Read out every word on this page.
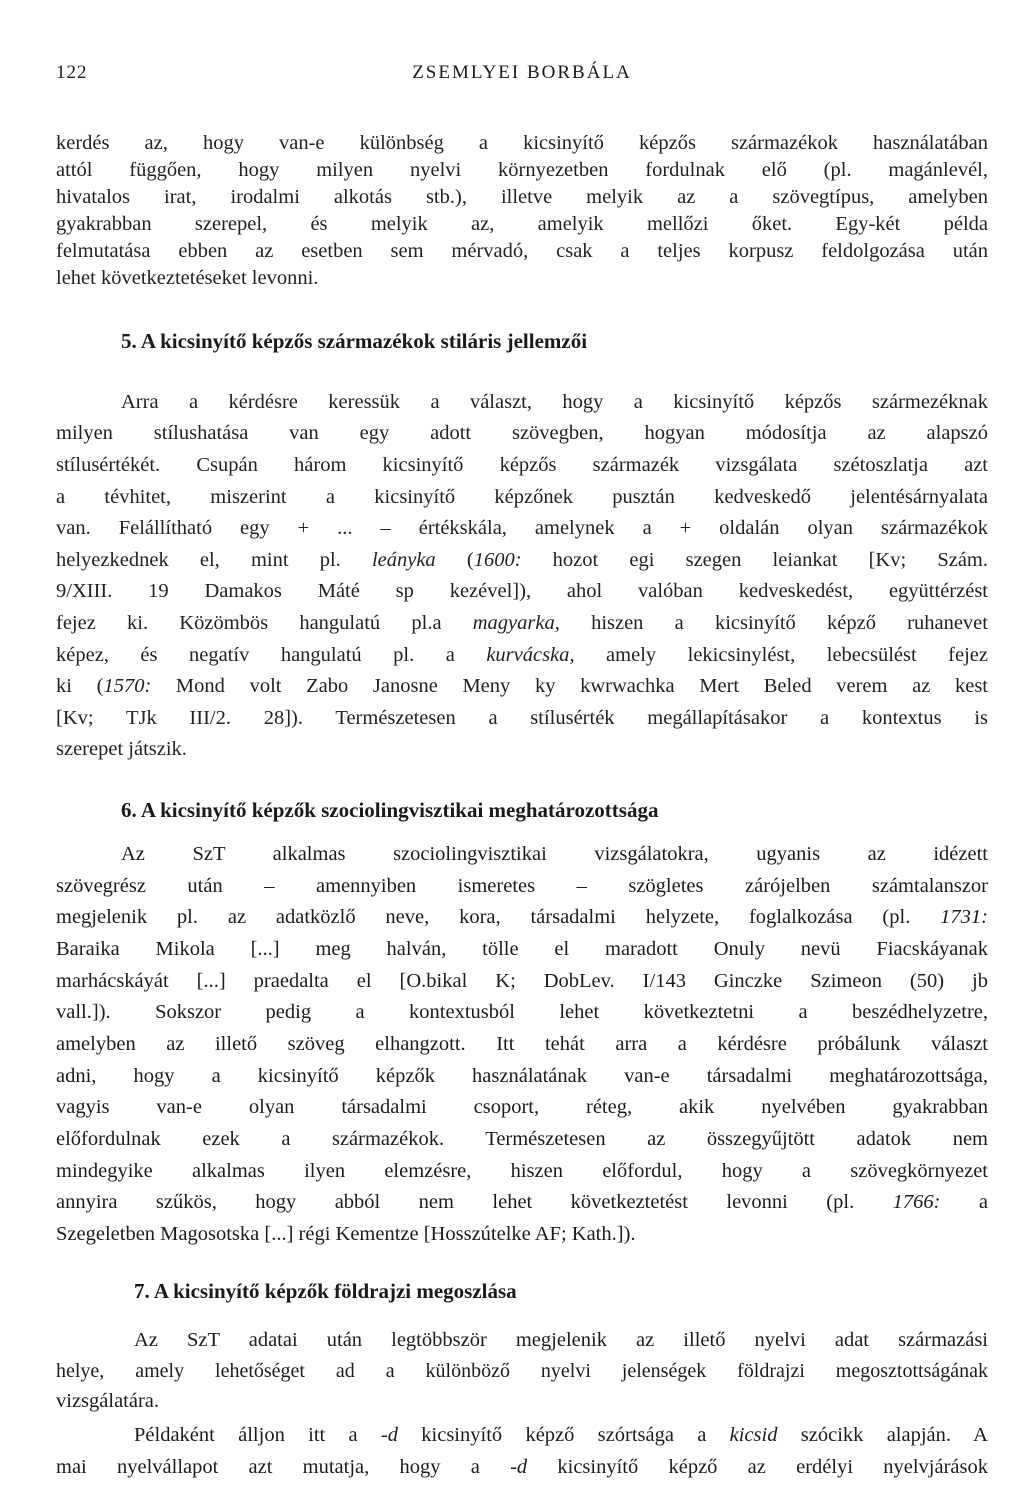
122	ZSEMLYEI BORBÁLA
kerdés az, hogy van-e különbség a kicsinyítő képzős származékok használatában
attól függően, hogy milyen nyelvi környezetben fordulnak elő (pl. magánlevél,
hivatalos irat, irodalmi alkotás stb.), illetve melyik az a szövegtípus, amelyben
gyakrabban szerepel, és melyik az, amelyik mellőzi őket. Egy-két példa
felmutatása ebben az esetben sem mérvadó, csak a teljes korpusz feldolgozása után
lehet következtetéseket levonni.
5. A kicsinyítő képzős származékok stiláris jellemzői
Arra a kérdésre keressük a választ, hogy a kicsinyítő képzős szármezéknak
milyen stílushatása van egy adott szövegben, hogyan módosítja az alapszó
stílusértékét. Csupán három kicsinyítő képzős származék vizsgálata szétoszlatja azt
a tévhitet, miszerint a kicsinyítő képzőnek pusztán kedveskedő jelentésárnyalata
van. Felállítható egy + ... – értékskála, amelynek a + oldalán olyan származékok
helyezkednek el, mint pl. leányka (1600: hozot egi szegen leiankat [Kv; Szám.
9/XIII. 19 Damakos Máté sp kezével]), ahol valóban kedveskedést, együttérzést
fejez ki. Közömbös hangulatú pl.a magyarka, hiszen a kicsinyítő képző ruhanevet
képez, és negatív hangulatú pl. a kurvácska, amely lekicsinylést, lebecsülést fejez
ki (1570: Mond volt Zabo Janosne Meny ky kwrwachka Mert Beled verem az kest
[Kv; TJk III/2. 28]). Természetesen a stílusérték megállapításakor a kontextus is
szerepet játszik.
6. A kicsinyítő képzők szociolingvisztikai meghatározottsága
Az SzT alkalmas szociolingvisztikai vizsgálatokra, ugyanis az idézett
szövegrész után – amennyiben ismeretes – szögletes zárójelben számtalanszor
megjelenik pl. az adatközlő neve, kora, társadalmi helyzete, foglalkozása (pl. 1731:
Baraika Mikola [...] meg halván, tölle el maradott Onuly nevü Fiacskáyanak
marhácskáyát [...] praedalta el [O.bikal K; DobLev. I/143 Ginczke Szimeon (50) jb
vall.]). Sokszor pedig a kontextusból lehet következtetni a beszédhelyzetre,
amelyben az illető szöveg elhangzott. Itt tehát arra a kérdésre próbálunk választ
adni, hogy a kicsinyítő képzők használatának van-e társadalmi meghatározottsága,
vagyis van-e olyan társadalmi csoport, réteg, akik nyelvében gyakrabban
előfordulnak ezek a származékok. Természetesen az összegyűjtött adatok nem
mindegyike alkalmas ilyen elemzésre, hiszen előfordul, hogy a szövegkörnyezet
annyira szűkös, hogy abból nem lehet következtetést levonni (pl. 1766: a
Szegeletben Magosotska [...] régi Kementze [Hosszútelke AF; Kath.]).
7. A kicsinyítő képzők földrajzi megoszlása
Az SzT adatai után legtöbbször megjelenik az illető nyelvi adat származási
helye, amely lehetőséget ad a különböző nyelvi jelenségek földrajzi megosztottságának
vizsgálatára.
Példaként álljon itt a -d kicsinyítő képző szórtsága a kicsid szócikk alapján. A
mai nyelvállapot azt mutatja, hogy a -d kicsinyítő képző az erdélyi nyelvjárások
